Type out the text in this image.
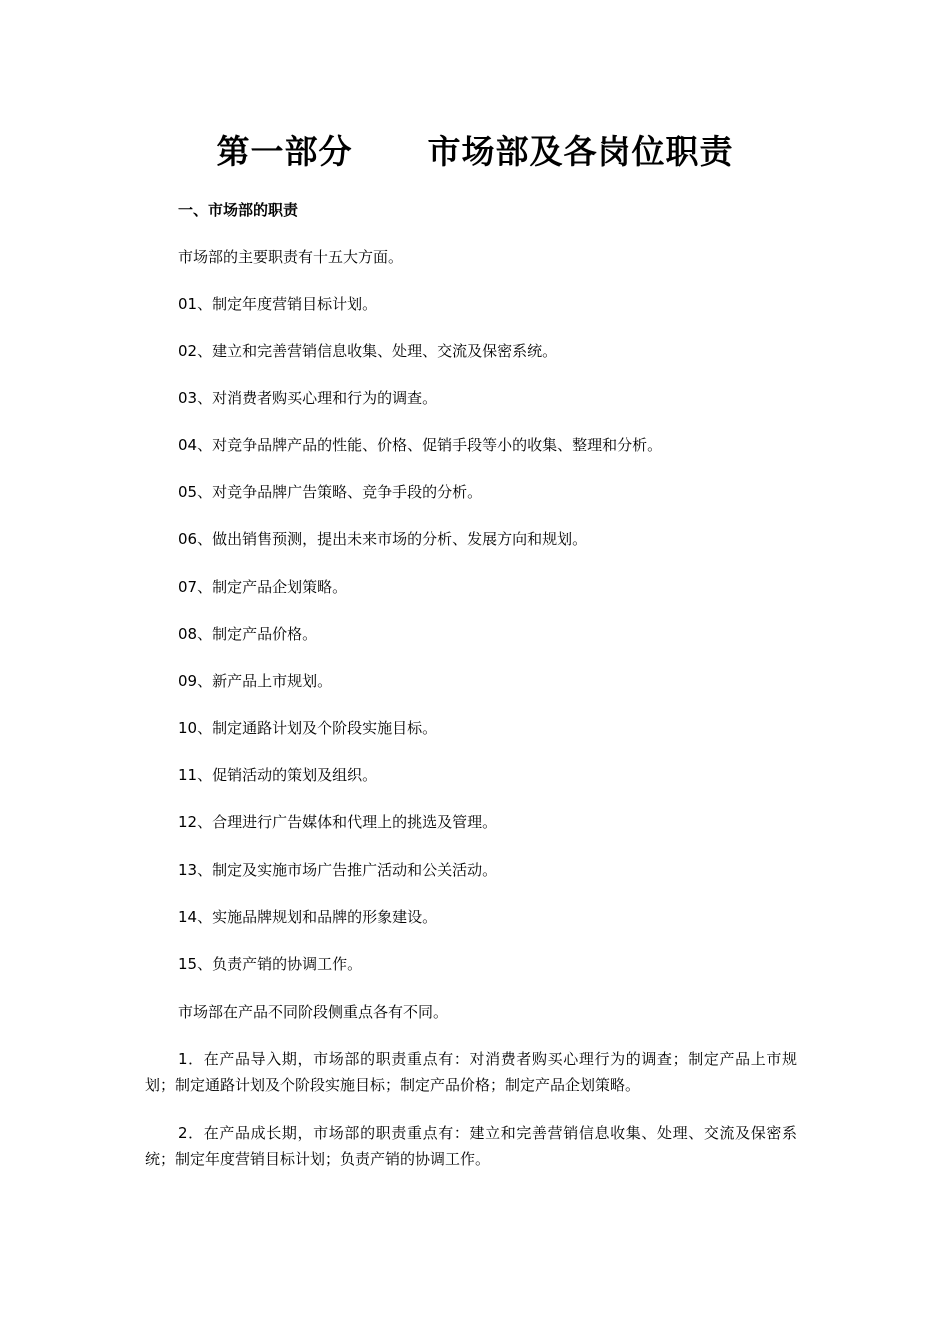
第一部分      市场部及各岗位职责
一、市场部的职责
市场部的主要职责有十五大方面。
01、制定年度营销目标计划。
02、建立和完善营销信息收集、处理、交流及保密系统。
03、对消费者购买心理和行为的调查。
04、对竞争品牌产品的性能、价格、促销手段等小的收集、整理和分析。
05、对竞争品牌广告策略、竞争手段的分析。
06、做出销售预测，提出未来市场的分析、发展方向和规划。
07、制定产品企划策略。
08、制定产品价格。
09、新产品上市规划。
10、制定通路计划及个阶段实施目标。
11、促销活动的策划及组织。
12、合理进行广告媒体和代理上的挑选及管理。
13、制定及实施市场广告推广活动和公关活动。
14、实施品牌规划和品牌的形象建设。
15、负责产销的协调工作。
市场部在产品不同阶段侧重点各有不同。
1．在产品导入期，市场部的职责重点有：对消费者购买心理行为的调查；制定产品上市规划；制定通路计划及个阶段实施目标；制定产品价格；制定产品企划策略。
2．在产品成长期，市场部的职责重点有：建立和完善营销信息收集、处理、交流及保密系统；制定年度营销目标计划；负责产销的协调工作。
